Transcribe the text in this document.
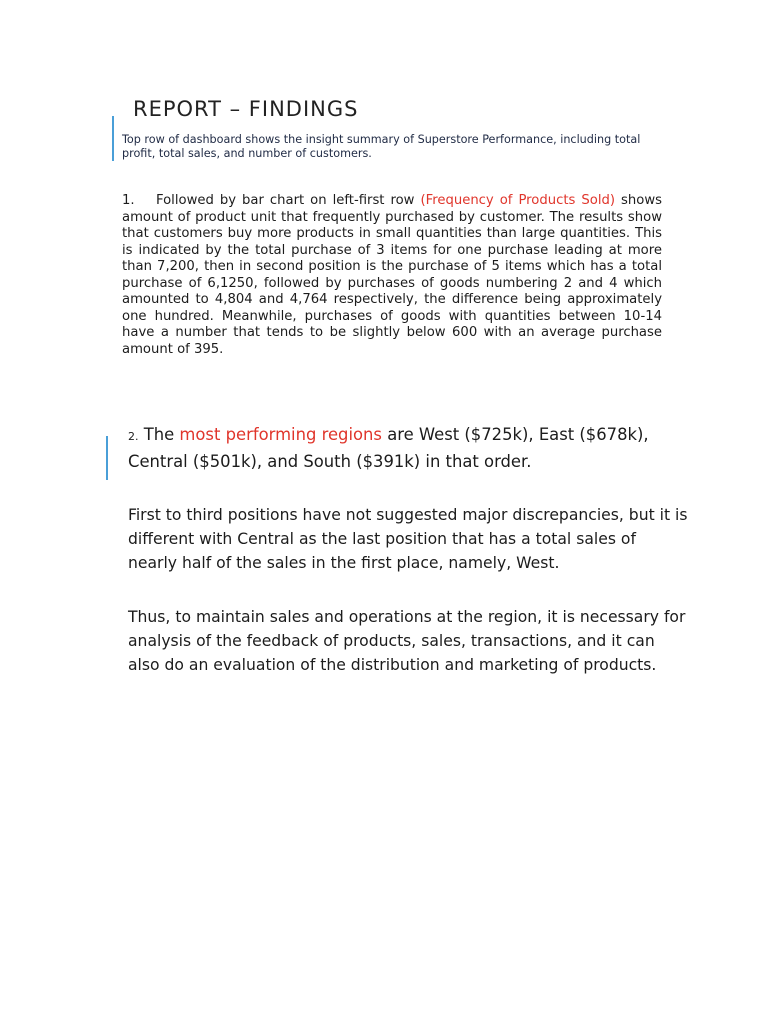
REPORT – FINDINGS
Top row of dashboard shows the insight summary of Superstore Performance, including total profit, total sales, and number of customers.
1. Followed by bar chart on left-first row (Frequency of Products Sold) shows amount of product unit that frequently purchased by customer. The results show that customers buy more products in small quantities than large quantities. This is indicated by the total purchase of 3 items for one purchase leading at more than 7,200, then in second position is the purchase of 5 items which has a total purchase of 6,1250, followed by purchases of goods numbering 2 and 4 which amounted to 4,804 and 4,764 respectively, the difference being approximately one hundred. Meanwhile, purchases of goods with quantities between 10-14 have a number that tends to be slightly below 600 with an average purchase amount of 395.
2. The most performing regions are West ($725k), East ($678k), Central ($501k), and South ($391k) in that order.
First to third positions have not suggested major discrepancies, but it is different with Central as the last position that has a total sales of nearly half of the sales in the first place, namely, West.
Thus, to maintain sales and operations at the region, it is necessary for analysis of the feedback of products, sales, transactions, and it can also do an evaluation of the distribution and marketing of products.
